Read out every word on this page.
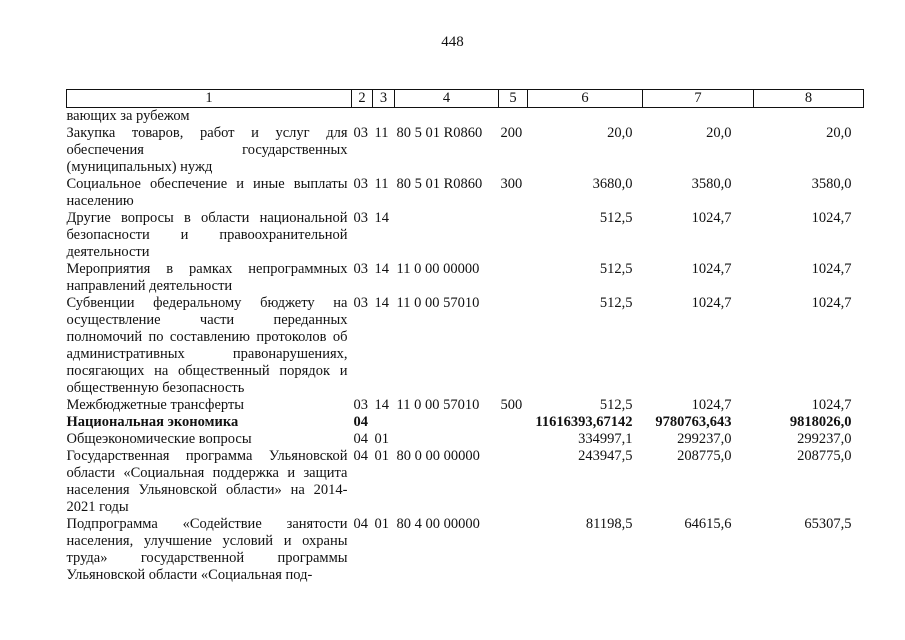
448
1	2	3	4	5	6	7	8
вающих за рубежом							
Закупка товаров, работ и услуг для обеспечения государственных (муниципальных) нужд	03	11	80 5 01 R0860	200	20,0	20,0	20,0
Социальное обеспечение и иные выплаты населению	03	11	80 5 01 R0860	300	3680,0	3580,0	3580,0
Другие вопросы в области национальной безопасности и правоохранительной деятельности	03	14			512,5	1024,7	1024,7
Мероприятия в рамках непрограммных направлений деятельности	03	14	11 0 00 00000		512,5	1024,7	1024,7
Субвенции федеральному бюджету на осуществление части переданных полномочий по составлению протоколов об административных правонарушениях, посягающих на общественный порядок и общественную безопасность	03	14	11 0 00 57010		512,5	1024,7	1024,7
Межбюджетные трансферты	03	14	11 0 00 57010	500	512,5	1024,7	1024,7
Национальная экономика	04				11616393,67142	9780763,643	9818026,0
Общеэкономические вопросы	04	01			334997,1	299237,0	299237,0
Государственная программа Ульяновской области «Социальная поддержка и защита населения Ульяновской области» на 2014-2021 годы	04	01	80 0 00 00000		243947,5	208775,0	208775,0
Подпрограмма «Содействие занятости населения, улучшение условий и охраны труда» государственной программы Ульяновской области «Социальная под-	04	01	80 4 00 00000		81198,5	64615,6	65307,5
